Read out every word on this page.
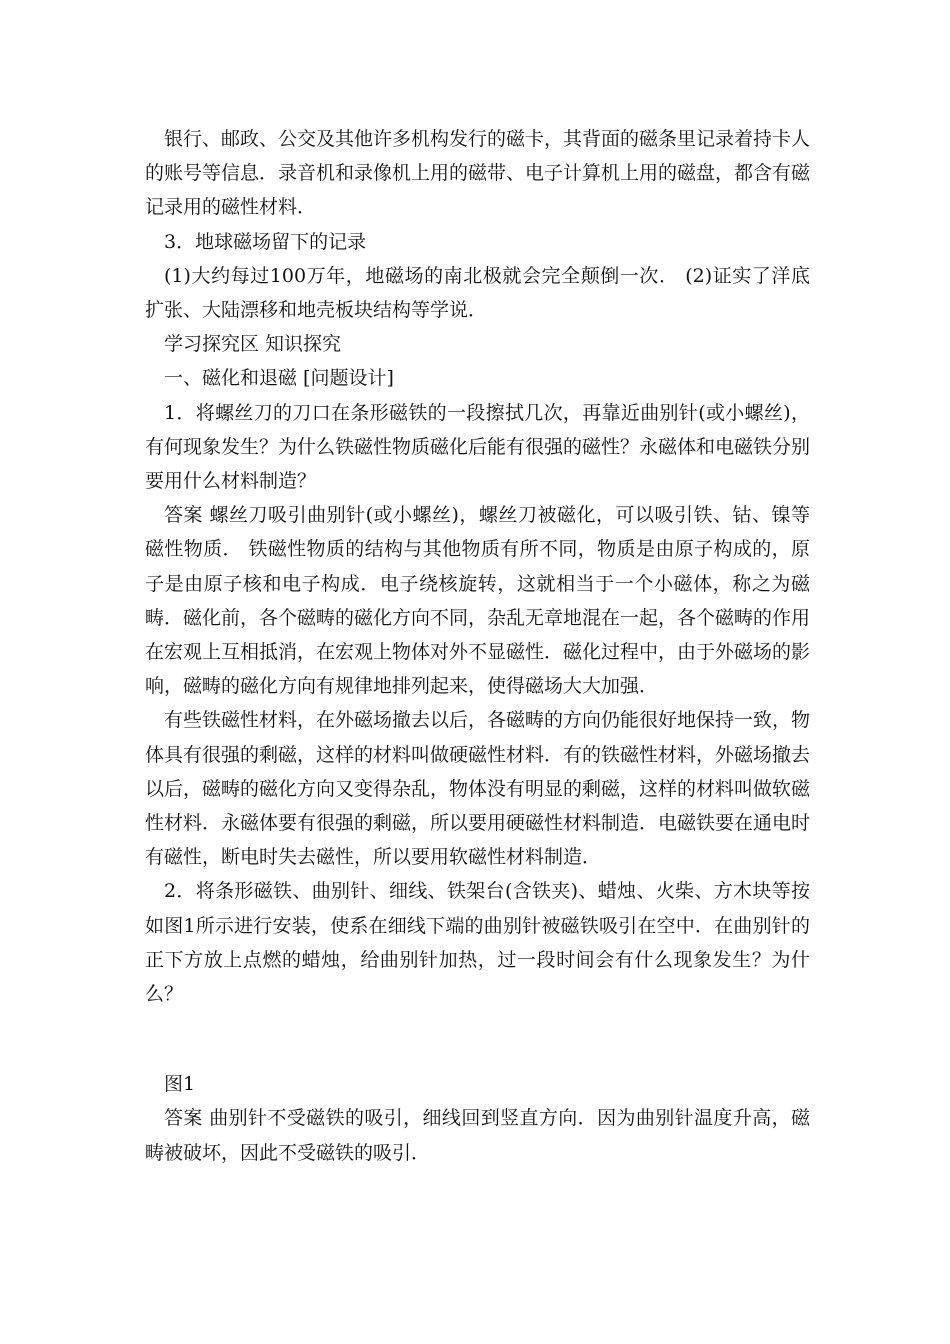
银行、邮政、公交及其他许多机构发行的磁卡，其背面的磁条里记录着持卡人的账号等信息．录音机和录像机上用的磁带、电子计算机上用的磁盘，都含有磁记录用的磁性材料．

3．地球磁场留下的记录

(1)大约每过100万年，地磁场的南北极就会完全颠倒一次． (2)证实了洋底扩张、大陆漂移和地壳板块结构等学说．

学习探究区 知识探究

一、磁化和退磁 [问题设计]

1．将螺丝刀的刀口在条形磁铁的一段擦拭几次，再靠近曲别针(或小螺丝)，有何现象发生？为什么铁磁性物质磁化后能有很强的磁性？永磁体和电磁铁分别要用什么材料制造？

答案 螺丝刀吸引曲别针(或小螺丝)，螺丝刀被磁化，可以吸引铁、钴、镍等磁性物质． 铁磁性物质的结构与其他物质有所不同，物质是由原子构成的，原子是由原子核和电子构成．电子绕核旋转，这就相当于一个小磁体，称之为磁畴．磁化前，各个磁畴的磁化方向不同，杂乱无章地混在一起，各个磁畴的作用在宏观上互相抵消，在宏观上物体对外不显磁性．磁化过程中，由于外磁场的影响，磁畴的磁化方向有规律地排列起来，使得磁场大大加强．

有些铁磁性材料，在外磁场撤去以后，各磁畴的方向仍能很好地保持一致，物体具有很强的剩磁，这样的材料叫做硬磁性材料．有的铁磁性材料，外磁场撤去以后，磁畴的磁化方向又变得杂乱，物体没有明显的剩磁，这样的材料叫做软磁性材料．永磁体要有很强的剩磁，所以要用硬磁性材料制造．电磁铁要在通电时有磁性，断电时失去磁性，所以要用软磁性材料制造．

2．将条形磁铁、曲别针、细线、铁架台(含铁夹)、蜡烛、火柴、方木块等按如图1所示进行安装，使系在细线下端的曲别针被磁铁吸引在空中．在曲别针的正下方放上点燃的蜡烛，给曲别针加热，过一段时间会有什么现象发生？为什么？

图1

答案 曲别针不受磁铁的吸引，细线回到竖直方向．因为曲别针温度升高，磁畴被破坏，因此不受磁铁的吸引．
